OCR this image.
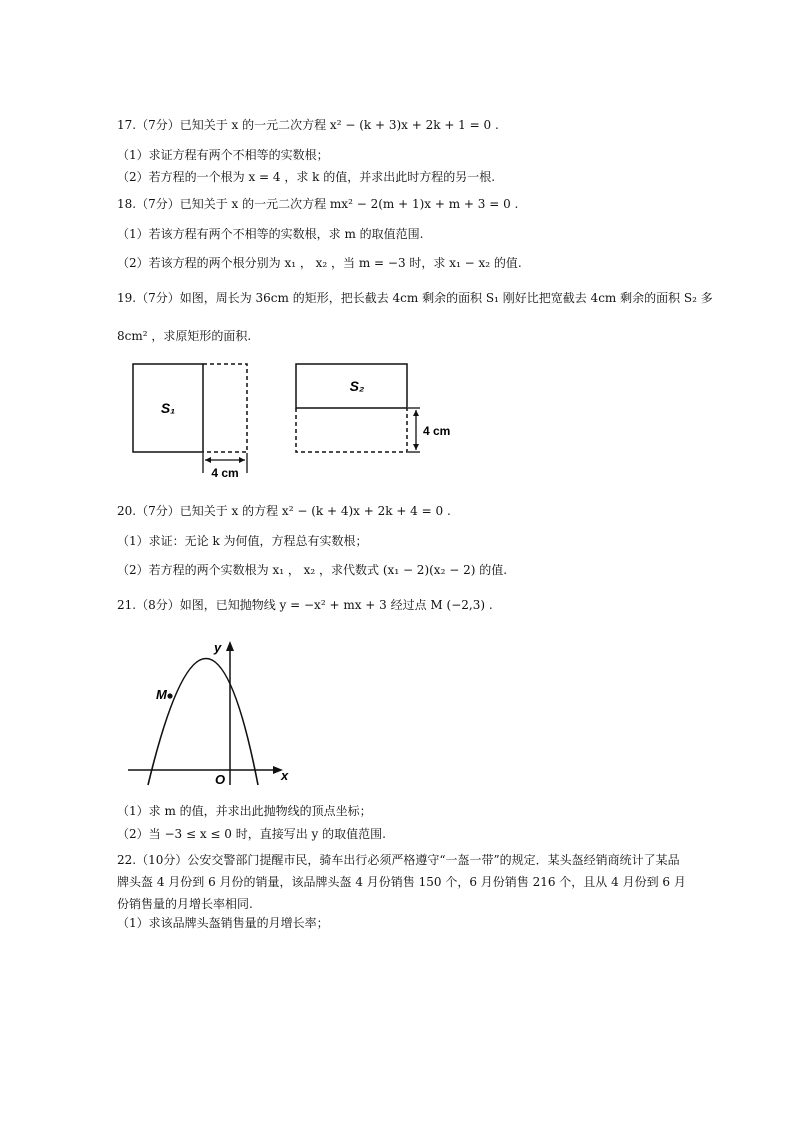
17.（7分）已知关于 x 的一元二次方程 x² − (k + 3)x + 2k + 1 = 0 .
（1）求证方程有两个不相等的实数根；
（2）若方程的一个根为 x = 4 ，求 k 的值，并求出此时方程的另一根.
18.（7分）已知关于 x 的一元二次方程 mx² − 2(m + 1)x + m + 3 = 0 .
（1）若该方程有两个不相等的实数根，求 m 的取值范围.
（2）若该方程的两个根分别为 x₁ ， x₂ ，当 m = −3 时，求 x₁ − x₂ 的值.
19.（7分）如图，周长为 36cm 的矩形，把长截去 4cm 剩余的面积 S₁ 刚好比把宽截去 4cm 剩余的面积 S₂ 多
8cm² ，求原矩形的面积.
S₁
4 cm
S₂
4 cm
20.（7分）已知关于 x 的方程 x² − (k + 4)x + 2k + 4 = 0 .
（1）求证：无论 k 为何值，方程总有实数根；
（2）若方程的两个实数根为 x₁ ， x₂ ，求代数式 (x₁ − 2)(x₂ − 2) 的值.
21.（8分）如图，已知抛物线 y = −x² + mx + 3 经过点 M (−2,3) .
M
O	x
y
（1）求 m 的值，并求出此抛物线的顶点坐标；
（2）当 −3 ≤ x ≤ 0 时，直接写出 y 的取值范围.
22.（10分）公安交警部门提醒市民，骑车出行必须严格遵守“一盔一带”的规定．某头盔经销商统计了某品牌头盔 4 月份到 6 月份的销量，该品牌头盔 4 月份销售 150 个，6 月份销售 216 个，且从 4 月份到 6 月份销售量的月增长率相同.
（1）求该品牌头盔销售量的月增长率；
